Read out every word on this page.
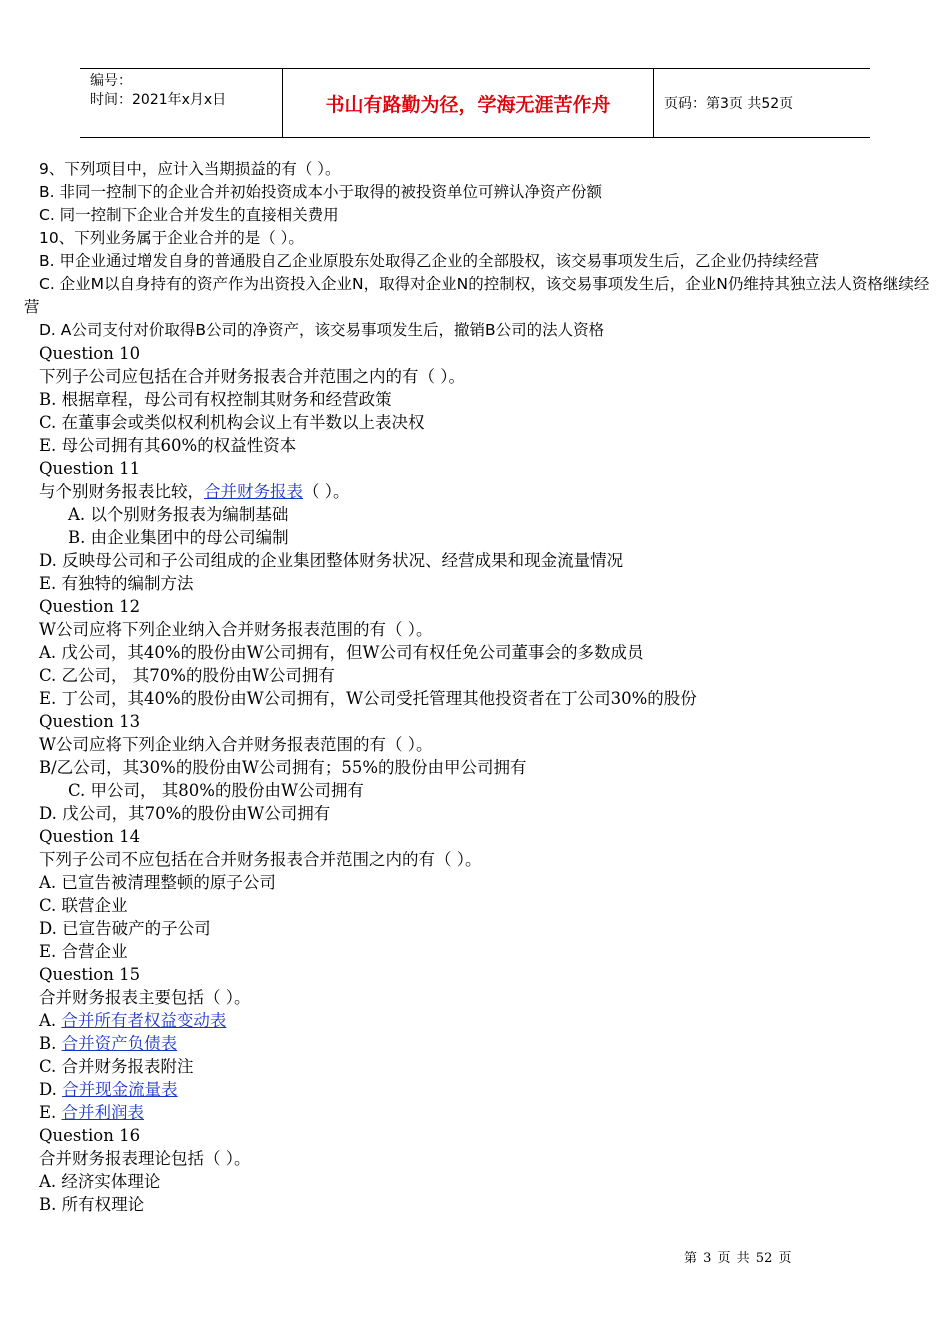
编号：
时间：2021年x月x日	书山有路勤为径，学海无涯苦作舟	页码：第3页 共52页
9、下列项目中，应计入当期损益的有（ ）。
B. 非同一控制下的企业合并初始投资成本小于取得的被投资单位可辨认净资产份额
C. 同一控制下企业合并发生的直接相关费用
10、下列业务属于企业合并的是（ ）。
B. 甲企业通过增发自身的普通股自乙企业原股东处取得乙企业的全部股权，该交易事项发生后，乙企业仍持续经营
C. 企业M以自身持有的资产作为出资投入企业N，取得对企业N的控制权，该交易事项发生后，企业N仍维持其独立法人资格继续经营
D. A公司支付对价取得B公司的净资产，该交易事项发生后，撤销B公司的法人资格
Question 10
下列子公司应包括在合并财务报表合并范围之内的有（ ）。
B. 根据章程，母公司有权控制其财务和经营政策
C. 在董事会或类似权利机构会议上有半数以上表决权
E. 母公司拥有其60%的权益性资本
Question 11
与个别财务报表比较，合并财务报表（ ）。
A. 以个别财务报表为编制基础
B. 由企业集团中的母公司编制
D. 反映母公司和子公司组成的企业集团整体财务状况、经营成果和现金流量情况
E. 有独特的编制方法
Question 12
W公司应将下列企业纳入合并财务报表范围的有（ ）。
A. 戊公司，其40%的股份由W公司拥有，但W公司有权任免公司董事会的多数成员
C. 乙公司， 其70%的股份由W公司拥有
E. 丁公司，其40%的股份由W公司拥有，W公司受托管理其他投资者在丁公司30%的股份
Question 13
W公司应将下列企业纳入合并财务报表范围的有（ ）。
B/乙公司，其30%的股份由W公司拥有；55%的股份由甲公司拥有
C. 甲公司， 其80%的股份由W公司拥有
D. 戊公司，其70%的股份由W公司拥有
Question 14
下列子公司不应包括在合并财务报表合并范围之内的有（ ）。
A. 已宣告被清理整顿的原子公司
C. 联营企业
D. 已宣告破产的子公司
E. 合营企业
Question 15
合并财务报表主要包括（ ）。
A. 合并所有者权益变动表
B. 合并资产负债表
C. 合并财务报表附注
D. 合并现金流量表
E. 合并利润表
Question 16
合并财务报表理论包括（ ）。
A. 经济实体理论
B. 所有权理论
第 3 页 共 52 页
